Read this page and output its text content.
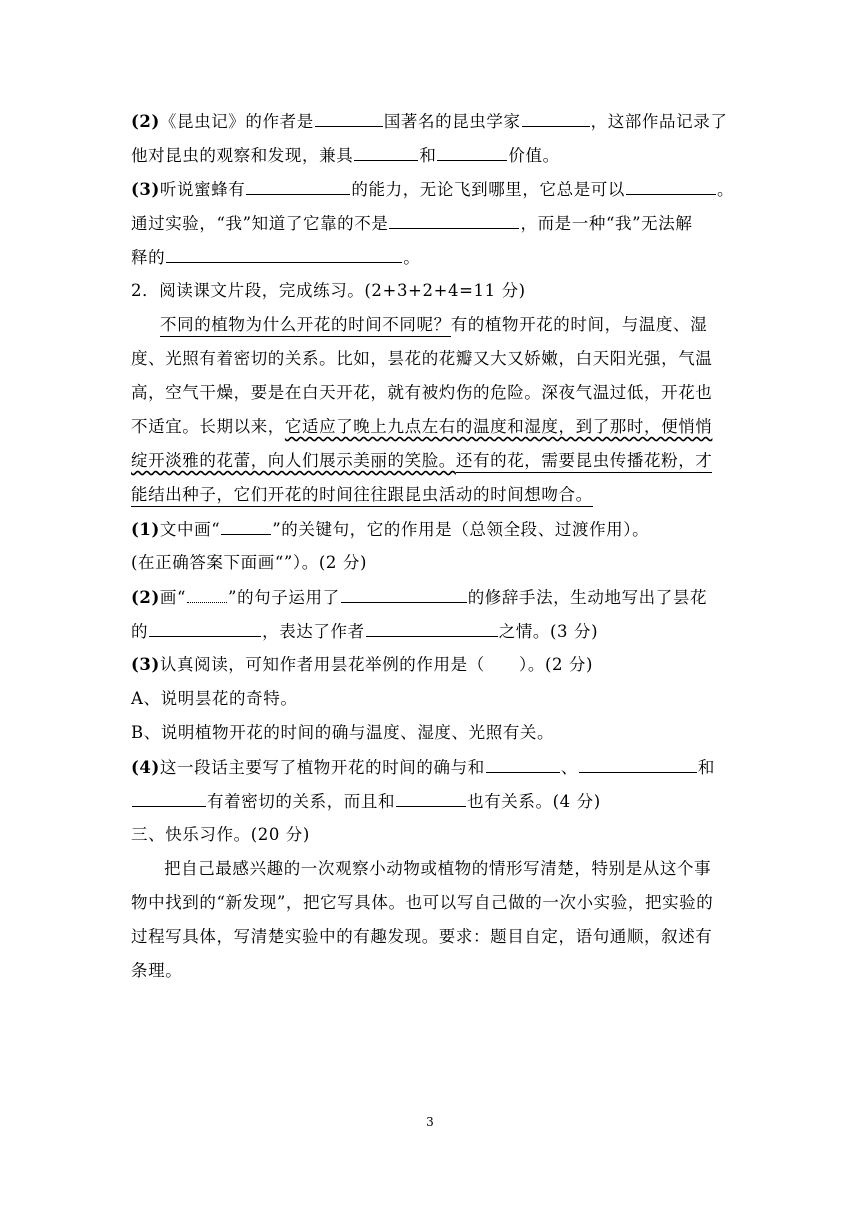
(2)《昆虫记》的作者是	国著名的昆虫学家	，这部作品记录了
他对昆虫的观察和发现，兼具	和	价值。
(3)听说蜜蜂有	的能力，无论飞到哪里，它总是可以	。
通过实验，“我”知道了它靠的不是	，而是一种“我”无法解
释的	。
2．阅读课文片段，完成练习。(2+3+2+4=11 分)
不同的植物为什么开花的时间不同呢？有的植物开花的时间，与温度、湿
度、光照有着密切的关系。比如，昙花的花瓣又大又娇嫩，白天阳光强，气温
高，空气干燥，要是在白天开花，就有被灼伤的危险。深夜气温过低，开花也
不适宜。长期以来，它适应了晚上九点左右的温度和湿度，到了那时，便悄悄
绽开淡雅的花蕾，向人们展示美丽的笑脸。还有的花，需要昆虫传播花粉，才
能结出种子，它们开花的时间往往跟昆虫活动的时间想吻合。
(1)文中画“	”的关键句，它的作用是（总领全段、过渡作用）。
(在正确答案下面画“”）。(2 分)
(2)画“	”的句子运用了	的修辞手法，生动地写出了昙花
的	，表达了作者	之情。(3 分)
(3)认真阅读，可知作者用昙花举例的作用是（　　）。(2 分)
A、说明昙花的奇特。
B、说明植物开花的时间的确与温度、湿度、光照有关。
(4)这一段话主要写了植物开花的时间的确与和	、	和
有着密切的关系，而且和	也有关系。(4 分)
三、快乐习作。(20 分)
把自己最感兴趣的一次观察小动物或植物的情形写清楚，特别是从这个事
物中找到的“新发现”，把它写具体。也可以写自己做的一次小实验，把实验的
过程写具体，写清楚实验中的有趣发现。要求：题目自定，语句通顺，叙述有
条理。
3
